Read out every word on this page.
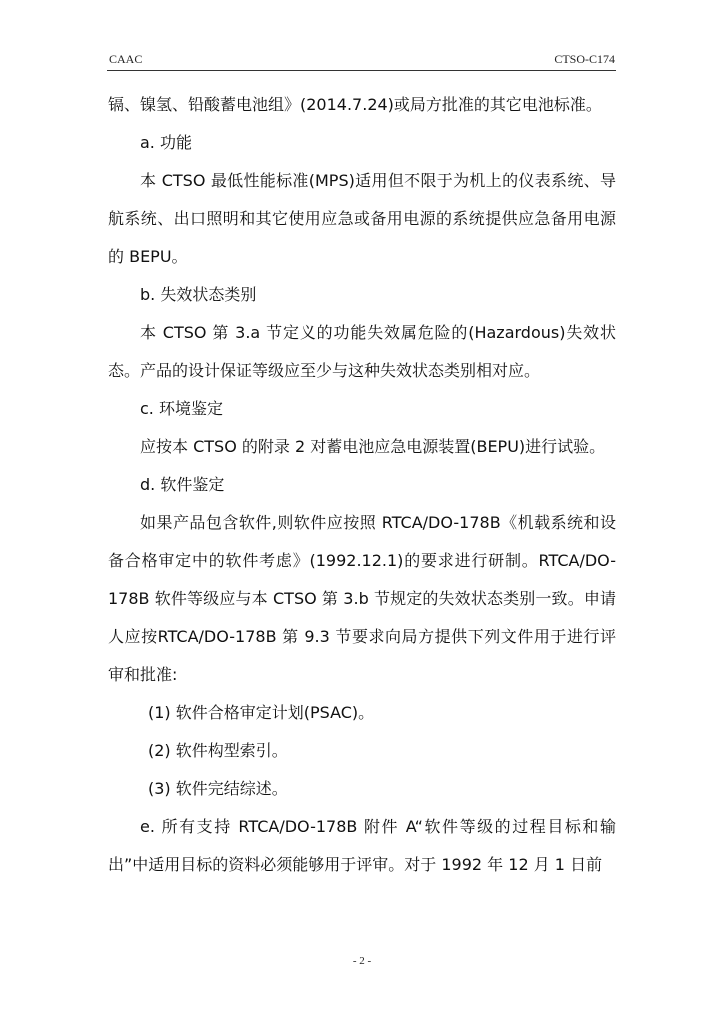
CAAC	CTSO-C174

镉、镍氢、铅酸蓄电池组》(2014.7.24)或局方批准的其它电池标准。

a. 功能

本 CTSO 最低性能标准(MPS)适用但不限于为机上的仪表系统、导航系统、出口照明和其它使用应急或备用电源的系统提供应急备用电源的 BEPU。

b. 失效状态类别

本 CTSO 第 3.a 节定义的功能失效属危险的(Hazardous)失效状态。产品的设计保证等级应至少与这种失效状态类别相对应。

c. 环境鉴定

应按本 CTSO 的附录 2 对蓄电池应急电源装置(BEPU)进行试验。

d. 软件鉴定

如果产品包含软件,则软件应按照 RTCA/DO-178B《机载系统和设备合格审定中的软件考虑》(1992.12.1)的要求进行研制。RTCA/DO-178B 软件等级应与本 CTSO 第 3.b 节规定的失效状态类别一致。申请人应按RTCA/DO-178B 第 9.3 节要求向局方提供下列文件用于进行评审和批准:

(1) 软件合格审定计划(PSAC)。

(2) 软件构型索引。

(3) 软件完结综述。

e. 所有支持 RTCA/DO-178B 附件 A“软件等级的过程目标和输出”中适用目标的资料必须能够用于评审。对于 1992 年 12 月 1 日前

- 2 -
